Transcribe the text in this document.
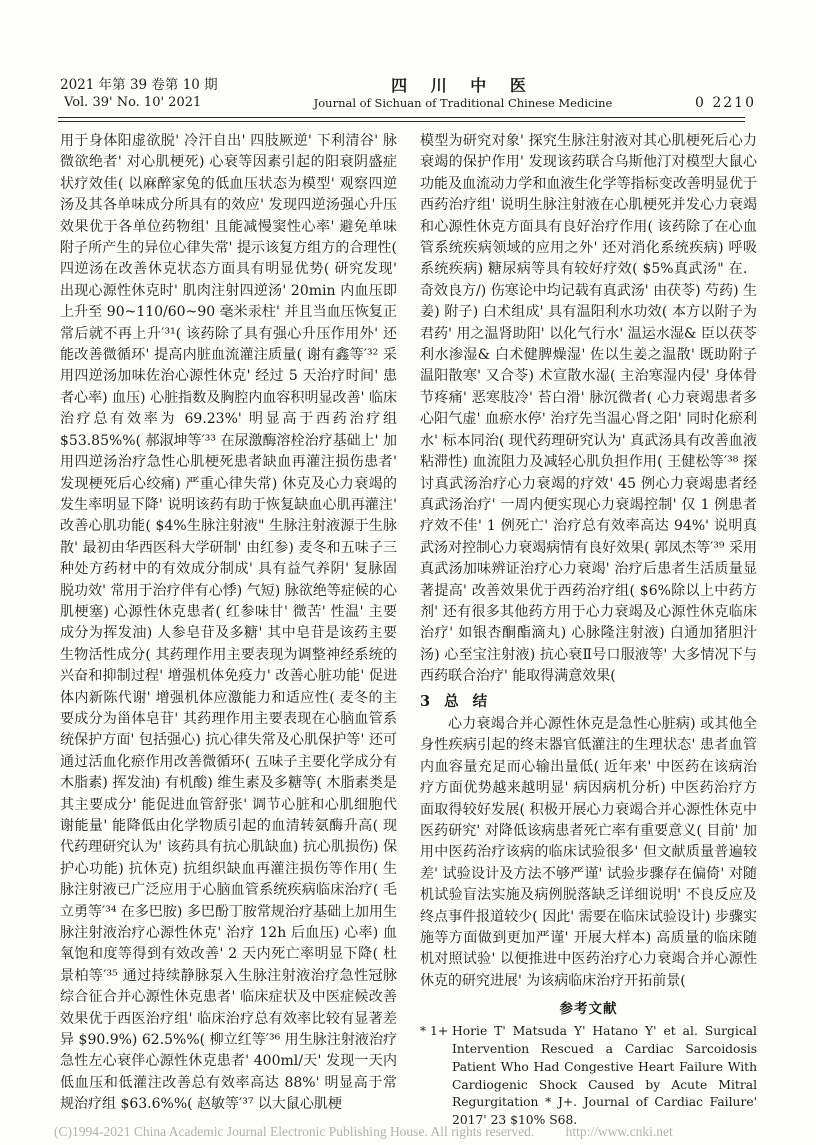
2021 年第 39 卷第 10 期
Vol. 39' No. 10' 2021
四 川 中 医
Journal of Sichuan of Traditional Chinese Medicine	0 2210

用于身体阳虚欲脱' 冷汗自出' 四肢厥逆' 下利清谷' 脉微欲绝者' 对心肌梗死) 心衰等因素引起的阳衰阴盛症状疗效佳( 以麻醉家兔的低血压状态为模型' 观察四逆汤及其各单味成分所具有的效应' 发现四逆汤强心升压效果优于各单位药物组' 且能减慢窦性心率' 避免单味附子所产生的异位心律失常' 提示该复方组方的合理性( 四逆汤在改善休克状态方面具有明显优势( 研究发现' 出现心源性休克时' 肌肉注射四逆汤' 20min 内血压即上升至 90~110/60~90 毫米汞柱' 并且当血压恢复正常后就不再上升′³¹( 该药除了具有强心升压作用外' 还能改善微循环' 提高内脏血流灌注质量( 谢有鑫等′³² 采用四逆汤加味佐治心源性休克' 经过 5 天治疗时间' 患者心率) 血压) 心脏指数及胸腔内血容积明显改善' 临床治疗总有效率为 69.23%' 明显高于西药治疗组 $53.85%%( 郝淑坤等′³³ 在尿激酶溶栓治疗基础上' 加用四逆汤治疗急性心肌梗死患者缺血再灌注损伤患者' 发现梗死后心绞痛) 严重心律失常) 休克及心力衰竭的发生率明显下降' 说明该药有助于恢复缺血心肌再灌注' 改善心肌功能( $4%生脉注射液" 生脉注射液源于生脉散' 最初由华西医科大学研制' 由红参) 麦冬和五味子三种处方药材中的有效成分制成' 具有益气养阴' 复脉固脱功效' 常用于治疗伴有心悸) 气短) 脉欲绝等症候的心肌梗塞) 心源性休克患者( 红参味甘' 微苦' 性温' 主要成分为挥发油) 人参皂苷及多糖' 其中皂苷是该药主要生物活性成分( 其药理作用主要表现为调整神经系统的兴奋和抑制过程' 增强机体免疫力' 改善心脏功能' 促进体内新陈代谢' 增强机体应激能力和适应性( 麦冬的主要成分为甾体皂苷' 其药理作用主要表现在心脑血管系统保护方面' 包括强心) 抗心律失常及心肌保护等' 还可通过活血化瘀作用改善微循环( 五味子主要化学成分有木脂素) 挥发油) 有机酸) 维生素及多糖等( 木脂素类是其主要成分' 能促进血管舒张' 调节心脏和心肌细胞代谢能量' 能降低由化学物质引起的血清转氨酶升高( 现代药理研究认为' 该药具有抗心肌缺血) 抗心肌损伤) 保护心功能) 抗休克) 抗组织缺血再灌注损伤等作用( 生脉注射液已广泛应用于心脑血管系统疾病临床治疗( 毛立勇等′³⁴ 在多巴胺) 多巴酚丁胺常规治疗基础上加用生脉注射液治疗心源性休克' 治疗 12h 后血压) 心率) 血氧饱和度等得到有效改善' 2 天内死亡率明显下降( 杜景柏等′³⁵ 通过持续静脉泵入生脉注射液治疗急性冠脉综合征合并心源性休克患者' 临床症状及中医症候改善效果优于西医治疗组' 临床治疗总有效率比较有显著差异 $90.9%) 62.5%%( 柳立红等′³⁶ 用生脉注射液治疗急性左心衰伴心源性休克患者' 400ml/天' 发现一天内低血压和低灌注改善总有效率高达 88%' 明显高于常规治疗组 $63.6%%( 赵敏等′³⁷ 以大鼠心肌梗

模型为研究对象' 探究生脉注射液对其心肌梗死后心力衰竭的保护作用' 发现该药联合乌斯他汀对模型大鼠心功能及血流动力学和血液生化学等指标变改善明显优于西药治疗组' 说明生脉注射液在心肌梗死并发心力衰竭和心源性休克方面具有良好治疗作用( 该药除了在心血管系统疾病领域的应用之外' 还对消化系统疾病) 呼吸系统疾病) 糖尿病等具有较好疗效( $5%真武汤" 在．奇效良方/) 伤寒论中均记载有真武汤' 由茯苓) 芍药) 生姜) 附子) 白术组成' 具有温阳利水功效( 本方以附子为君药' 用之温肾助阳' 以化气行水' 温运水湿& 臣以茯苓利水渗湿& 白术健脾燥湿' 佐以生姜之温散' 既助附子温阳散寒' 又合苓) 术宣散水湿( 主治寒湿内侵' 身体骨节疼痛' 恶寒肢冷' 苔白滑' 脉沉微者( 心力衰竭患者多心阳气虚' 血瘀水停' 治疗先当温心肾之阳' 同时化瘀利水' 标本同治( 现代药理研究认为' 真武汤具有改善血液粘滞性) 血流阻力及减轻心肌负担作用( 王健松等′³⁸ 探讨真武汤治疗心力衰竭的疗效' 45 例心力衰竭患者经真武汤治疗' 一周内便实现心力衰竭控制' 仅 1 例患者疗效不佳' 1 例死亡' 治疗总有效率高达 94%' 说明真武汤对控制心力衰竭病情有良好效果( 郭凤杰等′³⁹ 采用真武汤加味辨证治疗心力衰竭' 治疗后患者生活质量显著提高' 改善效果优于西药治疗组( $6%除以上中药方剂' 还有很多其他药方用于心力衰竭及心源性休克临床治疗' 如银杏酮酯滴丸) 心脉隆注射液) 白通加猪胆汁汤) 心至宝注射液) 抗心衰Ⅱ号口服液等' 大多情况下与西药联合治疗' 能取得满意效果(

3 总 结

心力衰竭合并心源性休克是急性心脏病) 或其他全身性疾病引起的终末器官低灌注的生理状态' 患者血管内血容量充足而心输出量低( 近年来' 中医药在该病治疗方面优势越来越明显' 病因病机分析) 中医药治疗方面取得较好发展( 积极开展心力衰竭合并心源性休克中医药研究' 对降低该病患者死亡率有重要意义( 目前' 加用中医药治疗该病的临床试验很多' 但文献质量普遍较差' 试验设计及方法不够严谨' 试验步骤存在偏倚' 对随机试验盲法实施及病例脱落缺乏详细说明' 不良反应及终点事件报道较少( 因此' 需要在临床试验设计) 步骤实施等方面做到更加严谨' 开展大样本) 高质量的临床随机对照试验' 以便推进中医药治疗心力衰竭合并心源性休克的研究进展' 为该病临床治疗开拓前景(

参考文献
* 1+ Horie T' Matsuda Y' Hatano Y' et al. Surgical Intervention Rescued a Cardiac Sarcoidosis Patient Who Had Congestive Heart Failure With Cardiogenic Shock Caused by Acute Mitral Regurgitation * J+. Journal of Cardiac Failure' 2017' 23 $10% S68.
(C)1994-2021 China Academic Journal Electronic Publishing House. All rights reserved. http://www.cnki.net
